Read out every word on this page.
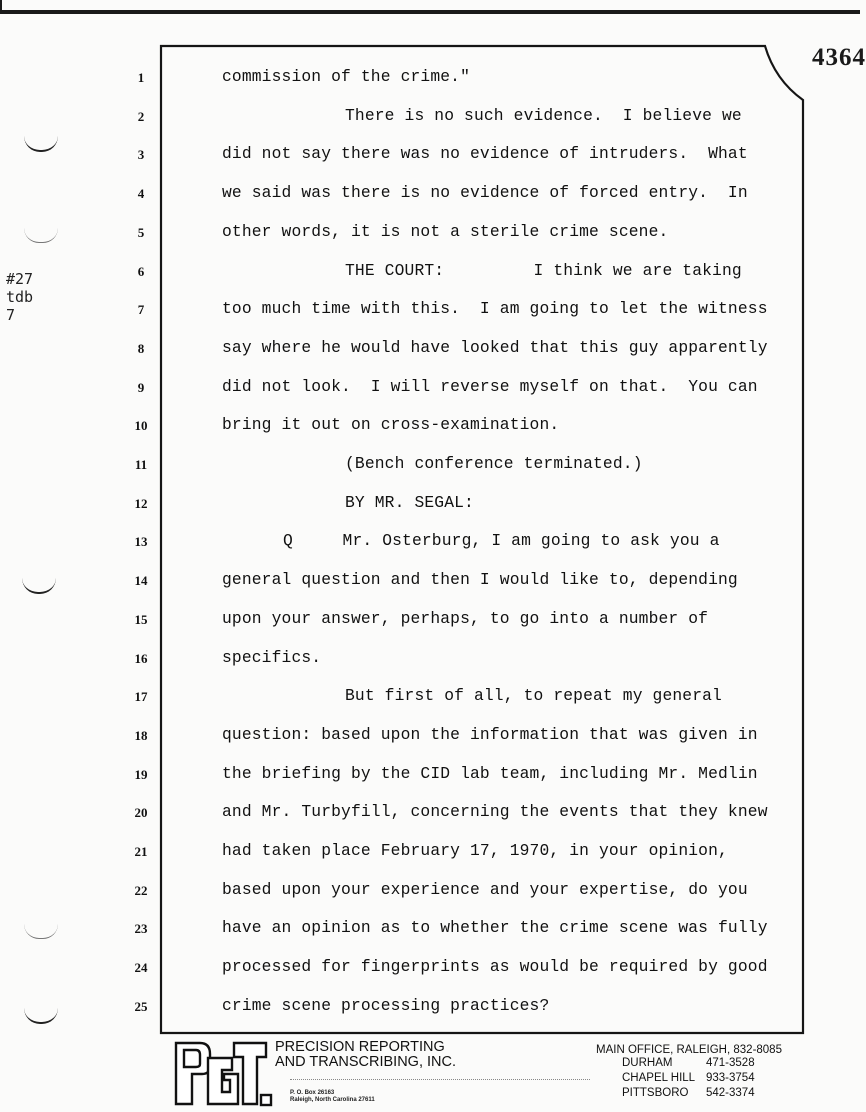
4364
#27
tdb
7
1	commission of the crime."
2	There is no such evidence.  I believe we
3	did not say there was no evidence of intruders.  What
4	we said was there is no evidence of forced entry.  In
5	other words, it is not a sterile crime scene.
6	THE COURT:         I think we are taking
7	too much time with this.  I am going to let the witness
8	say where he would have looked that this guy apparently
9	did not look.  I will reverse myself on that.  You can
10	bring it out on cross-examination.
11	(Bench conference terminated.)
12	BY MR. SEGAL:
13	Q     Mr. Osterburg, I am going to ask you a
14	general question and then I would like to, depending
15	upon your answer, perhaps, to go into a number of
16	specifics.
17	But first of all, to repeat my general
18	question: based upon the information that was given in
19	the briefing by the CID lab team, including Mr. Medlin
20	and Mr. Turbyfill, concerning the events that they knew
21	had taken place February 17, 1970, in your opinion,
22	based upon your experience and your expertise, do you
23	have an opinion as to whether the crime scene was fully
24	processed for fingerprints as would be required by good
25	crime scene processing practices?
PRECISION REPORTING
AND TRANSCRIBING, INC.
P. O. Box 26163
Raleigh, North Carolina 27611
MAIN OFFICE, RALEIGH, 832-8085
DURHAM	471-3528
CHAPEL HILL 933-3754
PITTSBORO	542-3374
